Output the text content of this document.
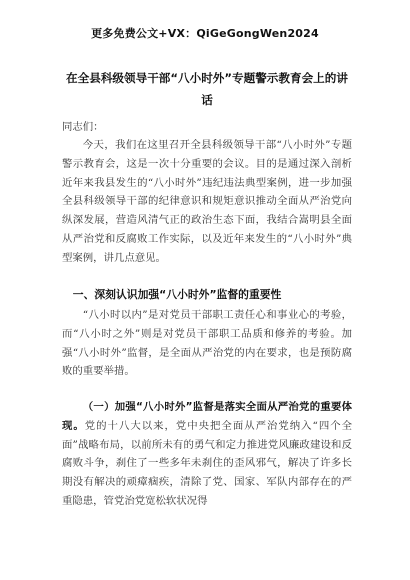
更多免费公文+VX：QiGeGongWen2024
在全县科级领导干部“八小时外”专题警示教育会上的讲话
同志们：
今天，我们在这里召开全县科级领导干部“八小时外”专题警示教育会，这是一次十分重要的会议。目的是通过深入剖析近年来我县发生的“八小时外”违纪违法典型案例，进一步加强全县科级领导干部的纪律意识和规矩意识推动全面从严治党向纵深发展，营造风清气正的政治生态下面，我结合嵩明县全面从严治党和反腐败工作实际，以及近年来发生的“八小时外”典型案例，讲几点意见。
一、深刻认识加强“八小时外”监督的重要性
“八小时以内”是对党员干部职工责任心和事业心的考验，而“八小时之外”则是对党员干部职工品质和修养的考验。加强“八小时外”监督，是全面从严治党的内在要求，也是预防腐败的重要举措。
（一）加强“八小时外”监督是落实全面从严治党的重要体现。党的十八大以来，党中央把全面从严治党纳入“四个全面”战略布局，以前所未有的勇气和定力推进党风廉政建设和反腐败斗争，刹住了一些多年未刹住的歪风邪气，解决了许多长期没有解决的顽瘴痼疾，清除了党、国家、军队内部存在的严重隐患，管党治党宽松软状况得
